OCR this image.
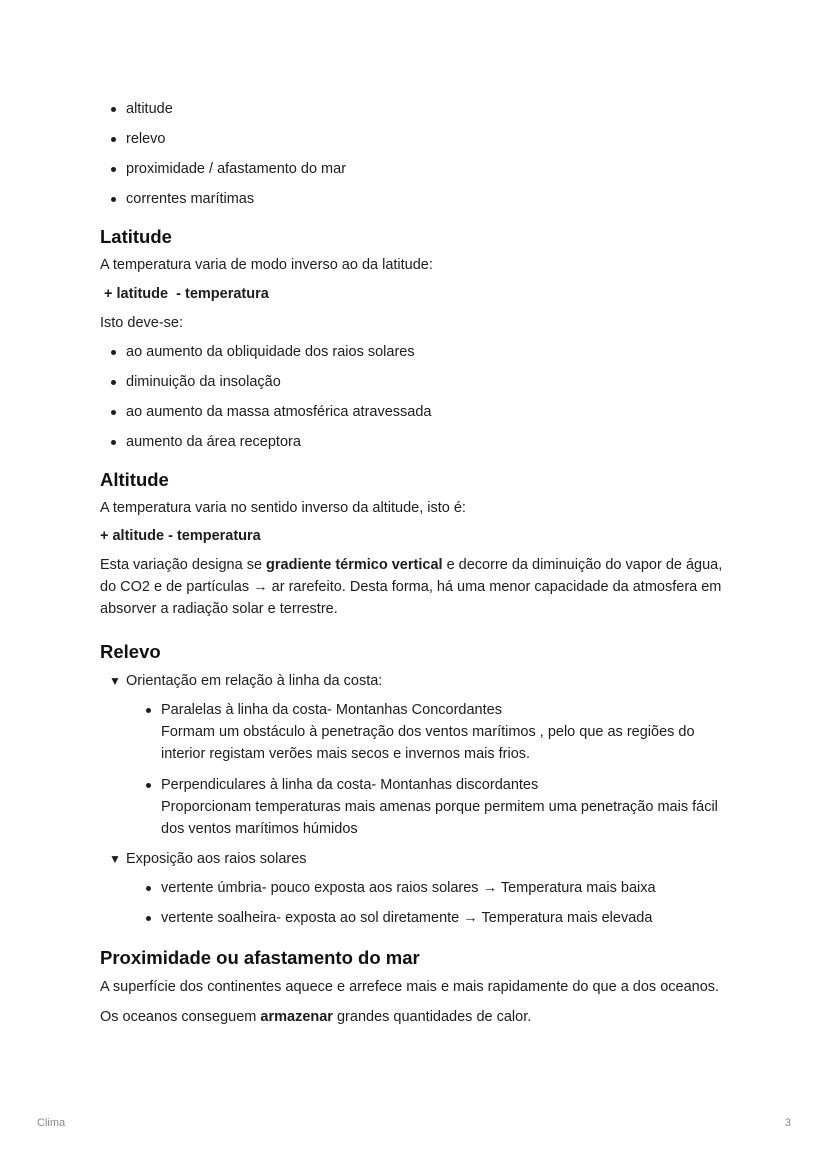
altitude
relevo
proximidade / afastamento do mar
correntes marítimas
Latitude

A temperatura varia de modo inverso ao da latitude:

+ latitude  - temperatura

Isto deve-se:

ao aumento da obliquidade dos raios solares
diminuição da insolação
ao aumento da massa atmosférica atravessada
aumento da área receptora
Altitude

A temperatura varia no sentido inverso da altitude, isto é:

+ altitude - temperatura

Esta variação designa se gradiente térmico vertical e decorre da diminuição do vapor de água, do CO2 e de partículas → ar rarefeito. Desta forma, há uma menor capacidade da atmosfera em absorver a radiação solar e terrestre.

Relevo

▼ Orientação em relação à linha da costa:

Paralelas à linha da costa- Montanhas Concordantes
Formam um obstáculo à penetração dos ventos marítimos , pelo que as regiões do interior registam verões mais secos e invernos mais frios.
Perpendiculares à linha da costa- Montanhas discordantes
Proporcionam temperaturas mais amenas porque permitem uma penetração mais fácil dos ventos marítimos húmidos

▼ Exposição aos raios solares

vertente úmbria- pouco exposta aos raios solares → Temperatura mais baixa
vertente soalheira- exposta ao sol diretamente → Temperatura mais elevada
Proximidade ou afastamento do mar

A superfície dos continentes aquece e arrefece mais e mais rapidamente do que a dos oceanos.

Os oceanos conseguem armazenar grandes quantidades de calor.

Clima	3
